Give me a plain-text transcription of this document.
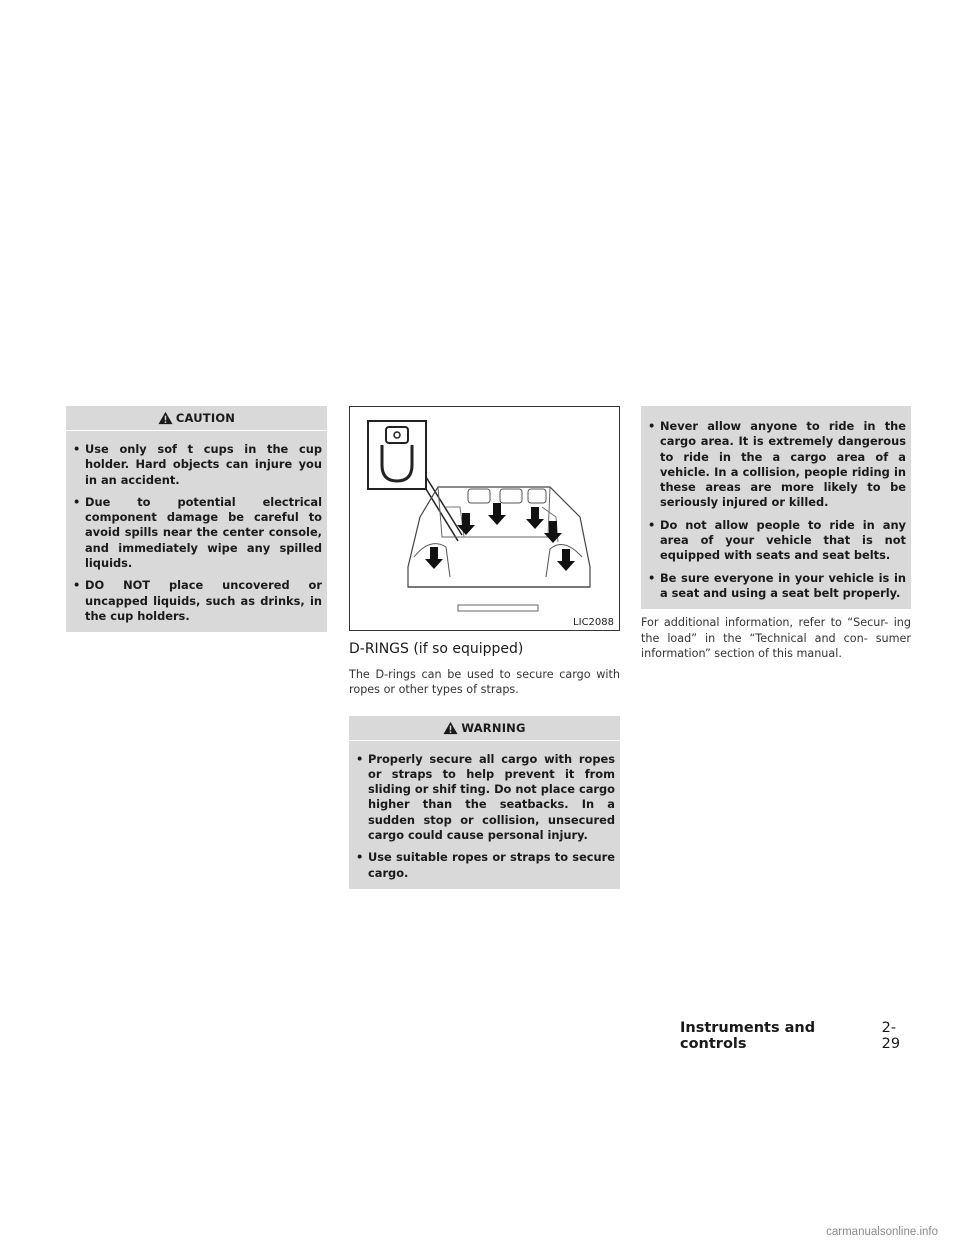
CAUTION
• Use only sof t cups in the cup holder. Hard objects can injure you in an accident.
• Due to potential electrical component damage be careful to avoid spills near the center console, and immediately wipe any spilled liquids.
• DO NOT place uncovered or uncapped liquids, such as drinks, in the cup holders.	LIC2088
D-RINGS (if so equipped)

The D-rings can be used to secure cargo with ropes or other types of straps.

WARNING
• Properly secure all cargo with ropes or straps to help prevent it from sliding or shif ting. Do not place cargo higher than the seatbacks. In a sudden stop or collision, unsecured cargo could cause personal injury.
• Use suitable ropes or straps to secure cargo.
• Never allow anyone to ride in the cargo area. It is extremely dangerous to ride in the a cargo area of a vehicle. In a collision, people riding in these areas are more likely to be seriously injured or killed.
• Do not allow people to ride in any area of your vehicle that is not equipped with seats and seat belts.
• Be sure everyone in your vehicle is in a seat and using a seat belt properly.

For additional information, refer to “Secur- ing the load” in the “Technical and con- sumer information” section of this manual.

Instruments and controls
2-29
carmanualsonline.info
